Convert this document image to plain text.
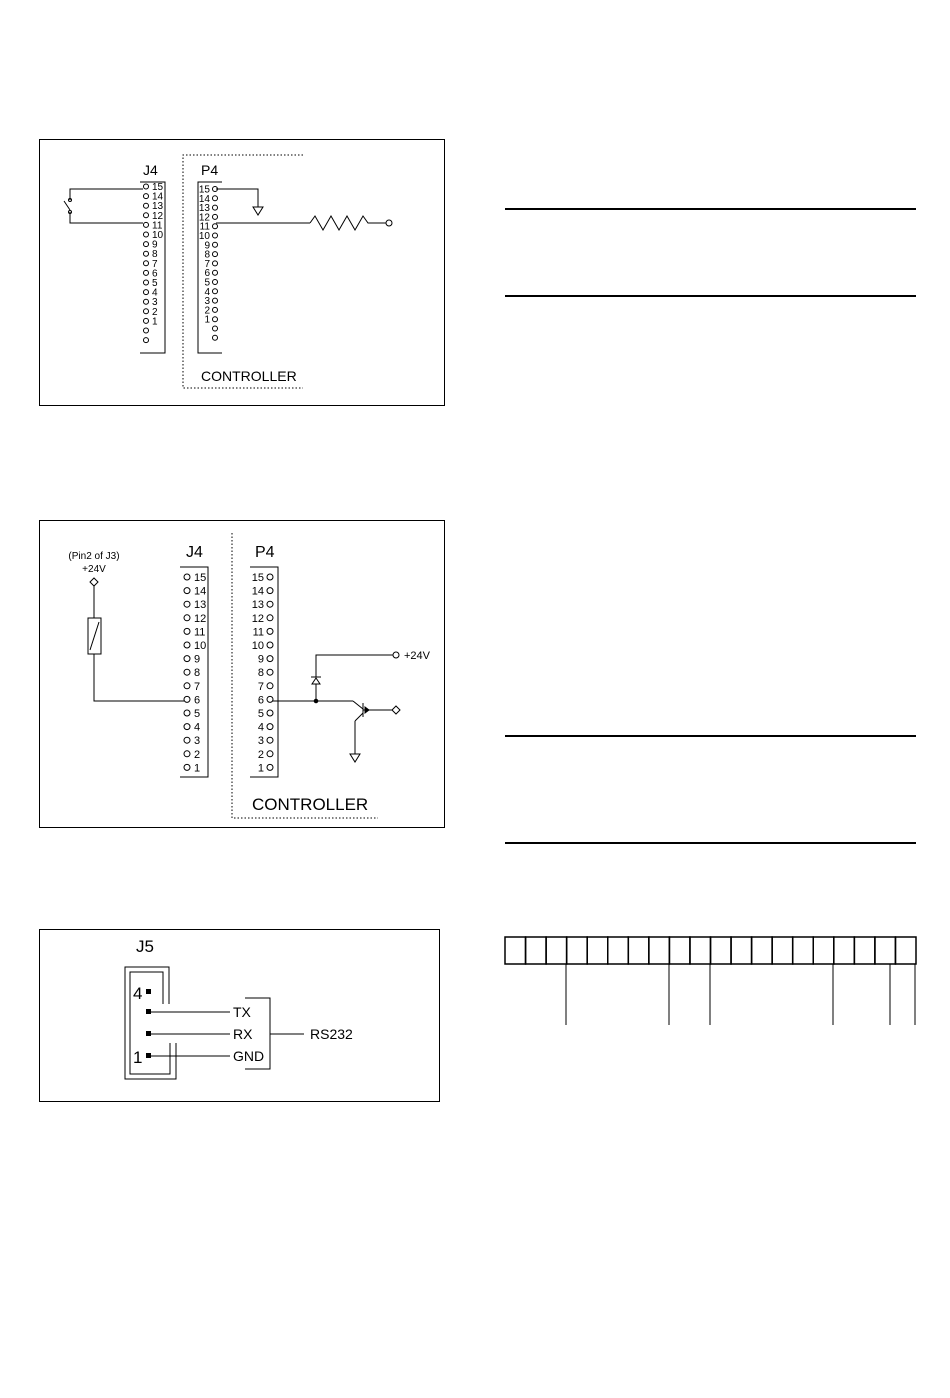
J4	P4
15
14
13
12
11
10
9
8
7
6
5
4
3
2
1
15
14
13
12
11
10
9
8
7
6
5
4
3
2
1
CONTROLLER
(Pin2 of J3)
+24V
J4	P4
15
14
13
12
11
10
9
8
7
6
5
4
3
2
1
15
14
13
12
11
10
9
8
7
6
5
4
3
2
1
CONTROLLER
+24V
J5
4
1
TX
RX
GND
RS232
